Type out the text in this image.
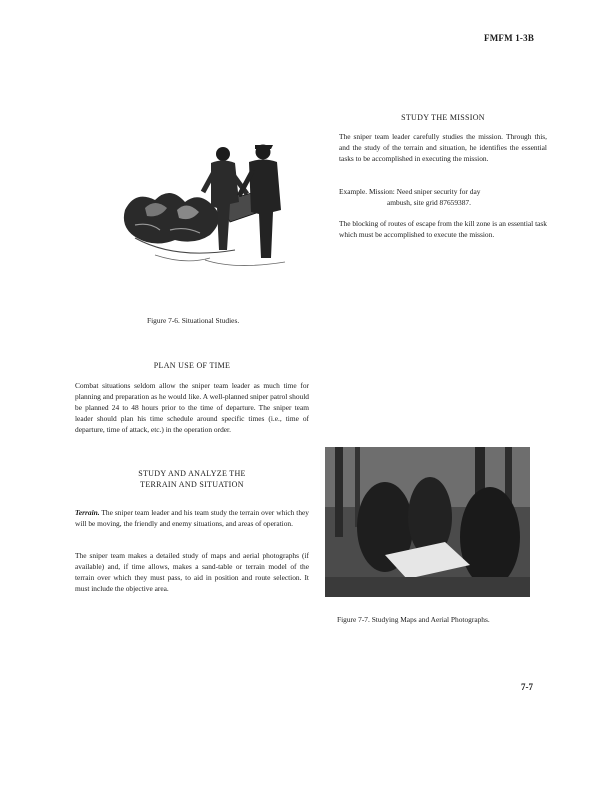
FMFM 1-3B
Figure 7-6. Situational Studies.
PLAN USE OF TIME

Combat situations seldom allow the sniper team leader as much time for planning and preparation as he would like. A well-planned sniper patrol should be planned 24 to 48 hours prior to the time of departure. The sniper team leader should plan his time schedule around specific times (i.e., time of departure, time of attack, etc.) in the operation order.

STUDY AND ANALYZE THE
TERRAIN AND SITUATION

Terrain. The sniper team leader and his team study the terrain over which they will be moving, the friendly and enemy situations, and areas of operation.

The sniper team makes a detailed study of maps and aerial photographs (if available) and, if time allows, makes a sand-table or terrain model of the terrain over which they must pass, to aid in position and route selection. It must include the objective area.

STUDY THE MISSION

The sniper team leader carefully studies the mission. Through this, and the study of the terrain and situation, he identifies the essential tasks to be accomplished in executing the mission.

Example. Mission: Need sniper security for day

ambush, site grid 87659387.

The blocking of routes of escape from the kill zone is an essential task which must be accomplished to execute the mission.

Figure 7-7. Studying Maps and Aerial Photographs.
7-7
